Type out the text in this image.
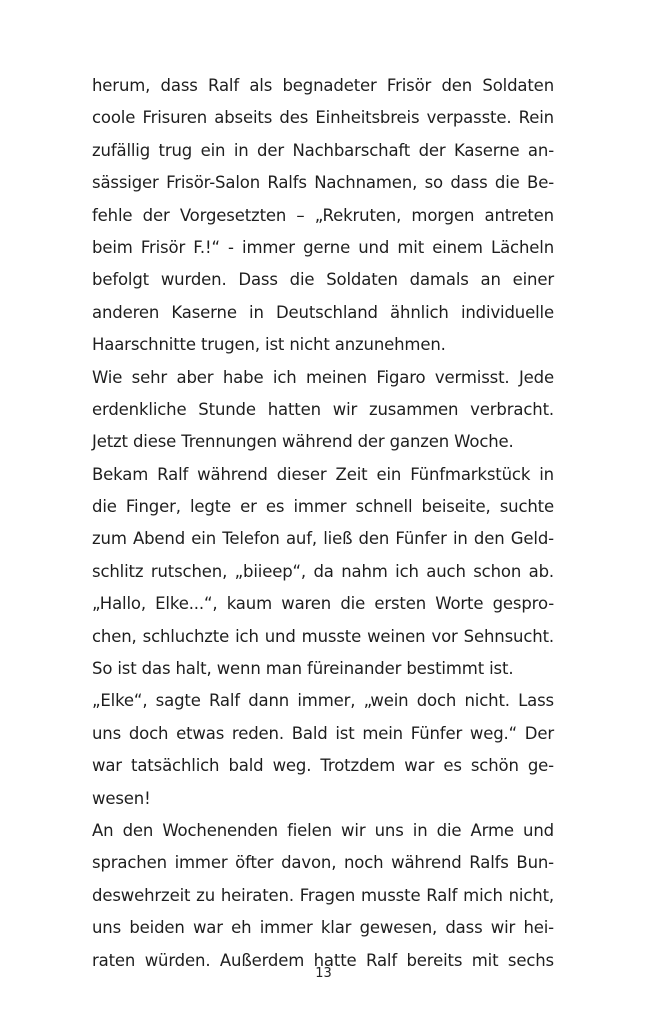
herum, dass Ralf als begnadeter Frisör den Soldaten
coole Frisuren abseits des Einheitsbreis verpasste. Rein
zufällig trug ein in der Nachbarschaft der Kaserne an-
sässiger Frisör-Salon Ralfs Nachnamen, so dass die Be-
fehle der Vorgesetzten – „Rekruten, morgen antreten
beim Frisör F.!“ - immer gerne und mit einem Lächeln
befolgt wurden. Dass die Soldaten damals an einer
anderen Kaserne in Deutschland ähnlich individuelle
Haarschnitte trugen, ist nicht anzunehmen.
Wie sehr aber habe ich meinen Figaro vermisst. Jede
erdenkliche Stunde hatten wir zusammen verbracht.
Jetzt diese Trennungen während der ganzen Woche.
Bekam Ralf während dieser Zeit ein Fünfmarkstück in
die Finger, legte er es immer schnell beiseite, suchte
zum Abend ein Telefon auf, ließ den Fünfer in den Geld-
schlitz rutschen, „biieep“, da nahm ich auch schon ab.
„Hallo, Elke...“, kaum waren die ersten Worte gespro-
chen, schluchzte ich und musste weinen vor Sehnsucht.
So ist das halt, wenn man füreinander bestimmt ist.
„Elke“, sagte Ralf dann immer, „wein doch nicht. Lass
uns doch etwas reden. Bald ist mein Fünfer weg.“ Der
war tatsächlich bald weg. Trotzdem war es schön ge-
wesen!
An den Wochenenden fielen wir uns in die Arme und
sprachen immer öfter davon, noch während Ralfs Bun-
deswehrzeit zu heiraten. Fragen musste Ralf mich nicht,
uns beiden war eh immer klar gewesen, dass wir hei-
raten würden. Außerdem hatte Ralf bereits mit sechs
13
